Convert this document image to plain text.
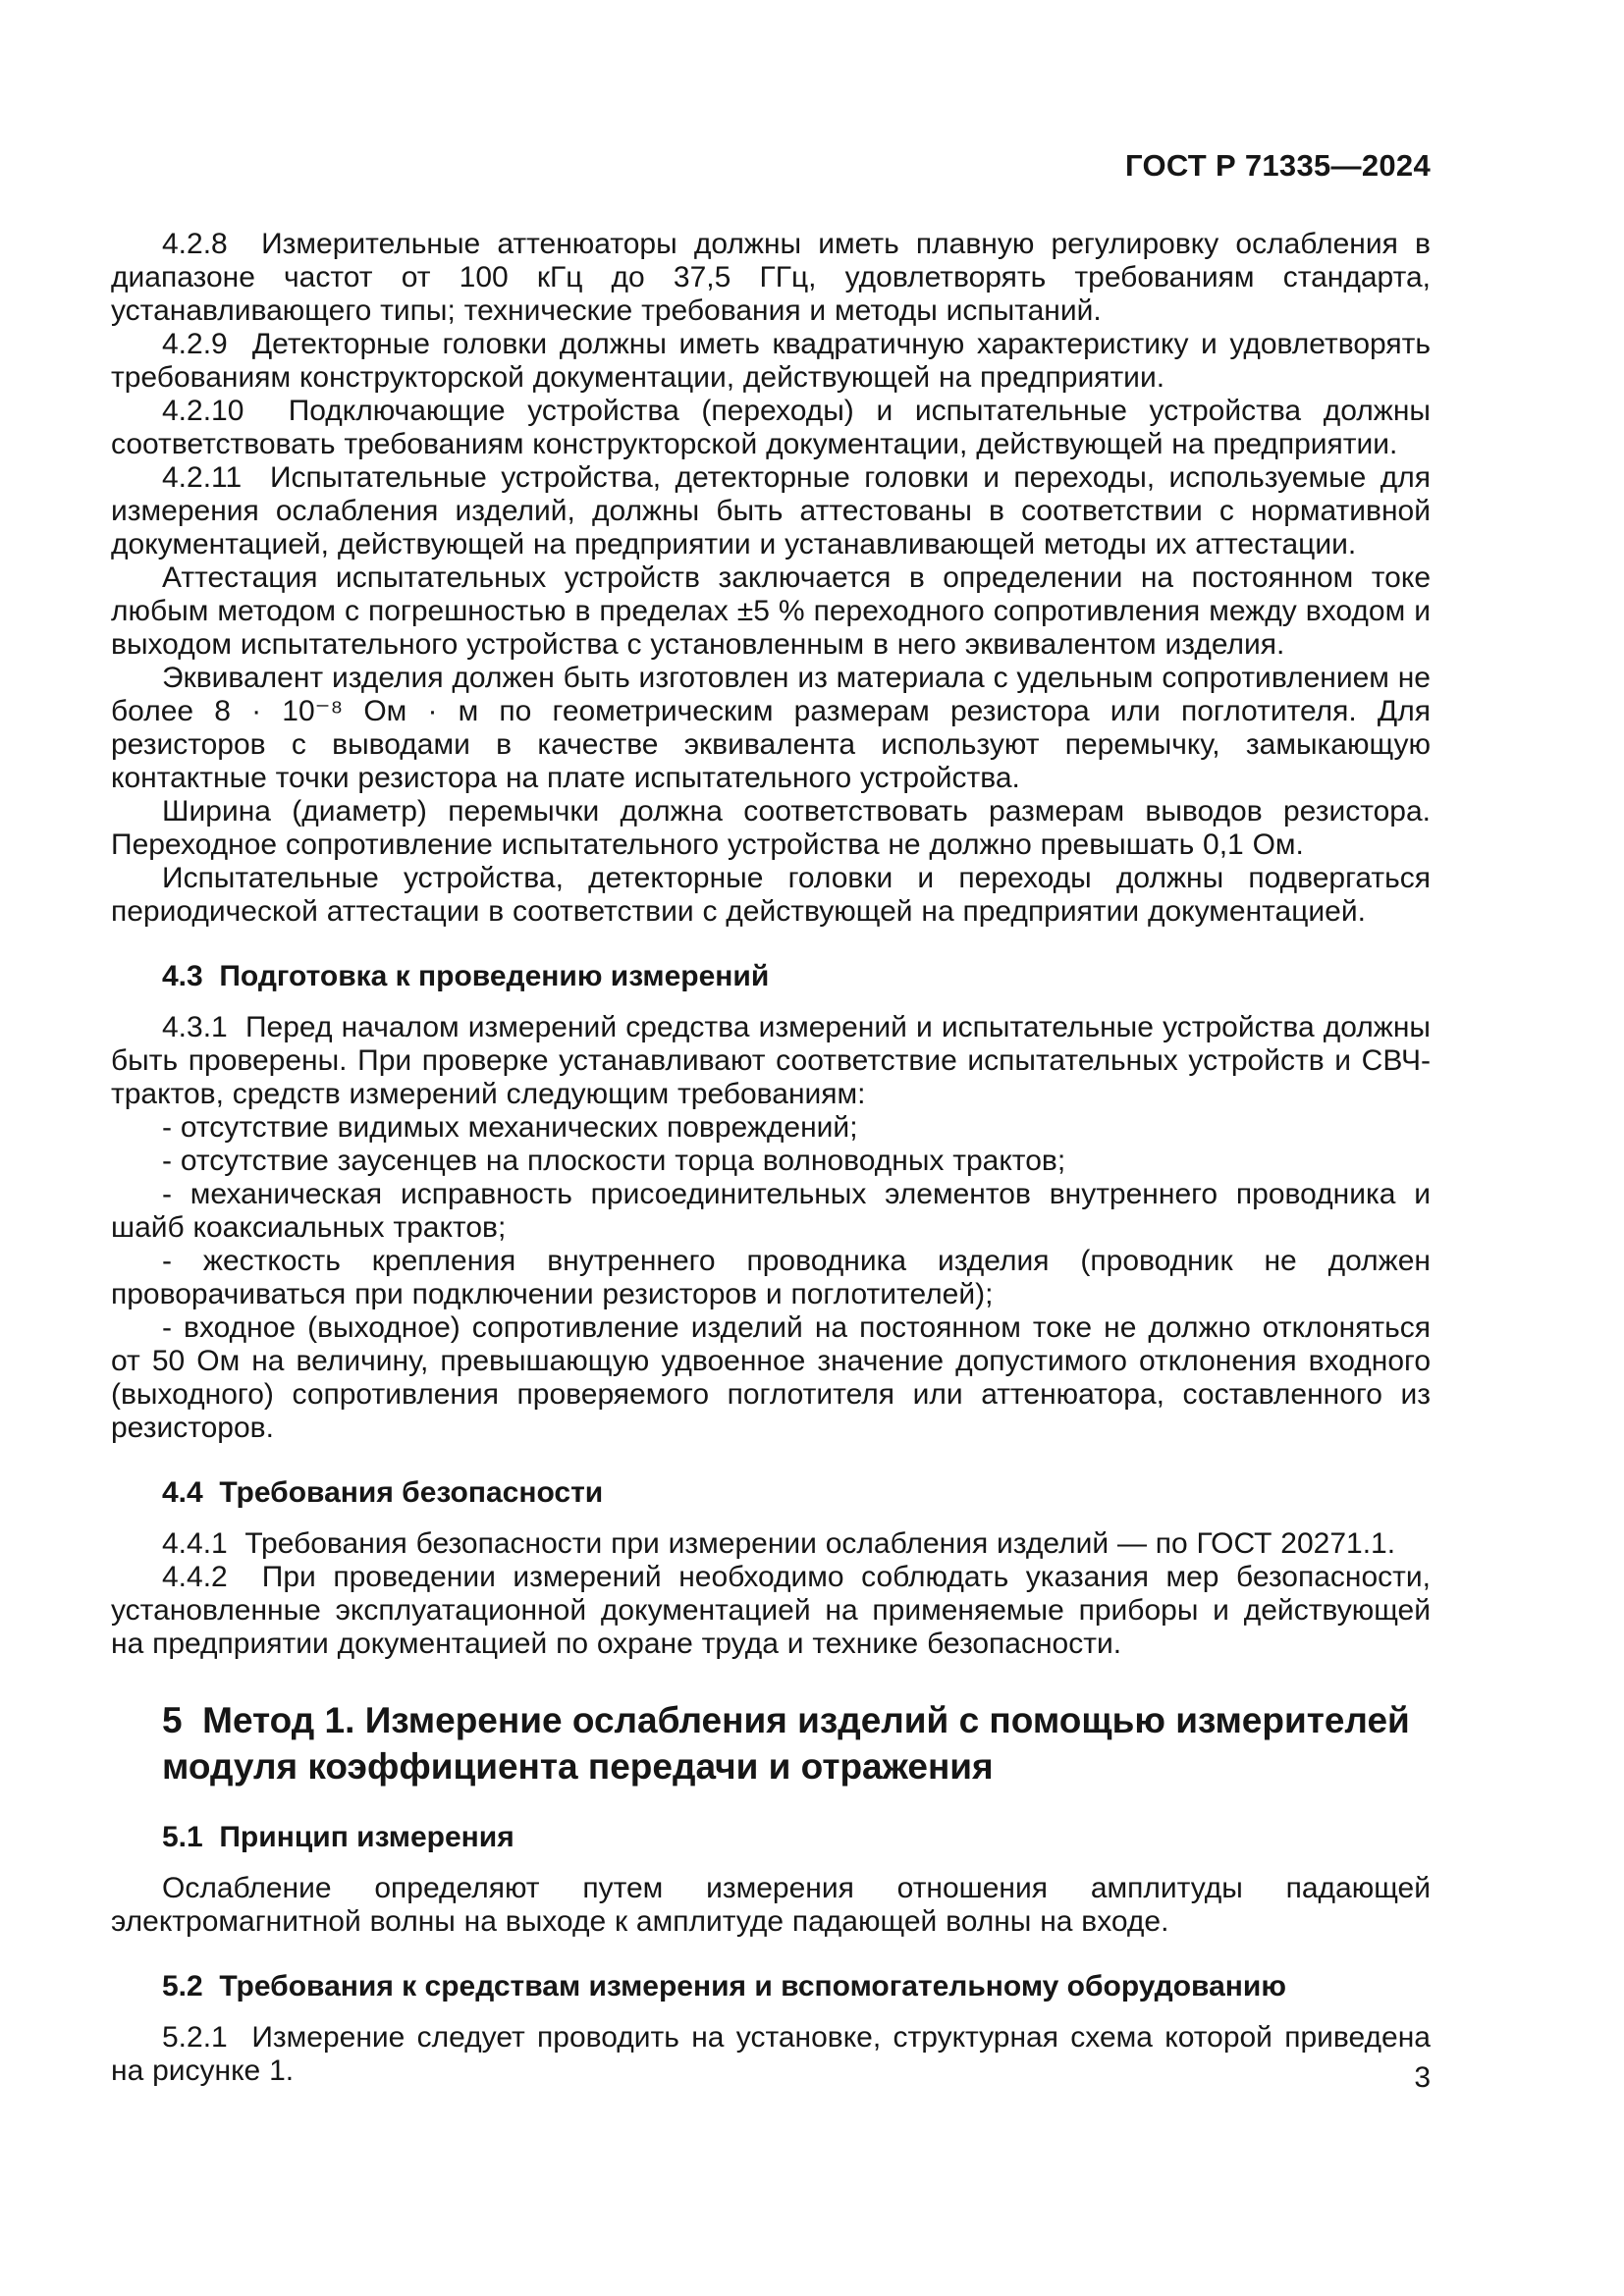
ГОСТ Р 71335—2024

4.2.8  Измерительные аттенюаторы должны иметь плавную регулировку ослабления в диапазоне частот от 100 кГц до 37,5 ГГц, удовлетворять требованиям стандарта, устанавливающего типы; технические требования и методы испытаний.

4.2.9  Детекторные головки должны иметь квадратичную характеристику и удовлетворять требованиям конструкторской документации, действующей на предприятии.

4.2.10  Подключающие устройства (переходы) и испытательные устройства должны соответствовать требованиям конструкторской документации, действующей на предприятии.

4.2.11  Испытательные устройства, детекторные головки и переходы, используемые для измерения ослабления изделий, должны быть аттестованы в соответствии с нормативной документацией, действующей на предприятии и устанавливающей методы их аттестации.

Аттестация испытательных устройств заключается в определении на постоянном токе любым методом с погрешностью в пределах ±5 % переходного сопротивления между входом и выходом испытательного устройства с установленным в него эквивалентом изделия.

Эквивалент изделия должен быть изготовлен из материала с удельным сопротивлением не более 8 · 10⁻⁸ Ом · м по геометрическим размерам резистора или поглотителя. Для резисторов с выводами в качестве эквивалента используют перемычку, замыкающую контактные точки резистора на плате испытательного устройства.

Ширина (диаметр) перемычки должна соответствовать размерам выводов резистора. Переходное сопротивление испытательного устройства не должно превышать 0,1 Ом.

Испытательные устройства, детекторные головки и переходы должны подвергаться периодической аттестации в соответствии с действующей на предприятии документацией.

4.3  Подготовка к проведению измерений

4.3.1  Перед началом измерений средства измерений и испытательные устройства должны быть проверены. При проверке устанавливают соответствие испытательных устройств и СВЧ-трактов, средств измерений следующим требованиям:

- отсутствие видимых механических повреждений;

- отсутствие заусенцев на плоскости торца волноводных трактов;

- механическая исправность присоединительных элементов внутреннего проводника и шайб коаксиальных трактов;

- жесткость крепления внутреннего проводника изделия (проводник не должен проворачиваться при подключении резисторов и поглотителей);

- входное (выходное) сопротивление изделий на постоянном токе не должно отклоняться от 50 Ом на величину, превышающую удвоенное значение допустимого отклонения входного (выходного) сопротивления проверяемого поглотителя или аттенюатора, составленного из резисторов.

4.4  Требования безопасности

4.4.1  Требования безопасности при измерении ослабления изделий — по ГОСТ 20271.1.

4.4.2  При проведении измерений необходимо соблюдать указания мер безопасности, установленные эксплуатационной документацией на применяемые приборы и действующей на предприятии документацией по охране труда и технике безопасности.

5  Метод 1. Измерение ослабления изделий с помощью измерителей модуля коэффициента передачи и отражения
5.1  Принцип измерения

Ослабление определяют путем измерения отношения амплитуды падающей электромагнитной волны на выходе к амплитуде падающей волны на входе.

5.2  Требования к средствам измерения и вспомогательному оборудованию

5.2.1  Измерение следует проводить на установке, структурная схема которой приведена на рисунке 1.	3
